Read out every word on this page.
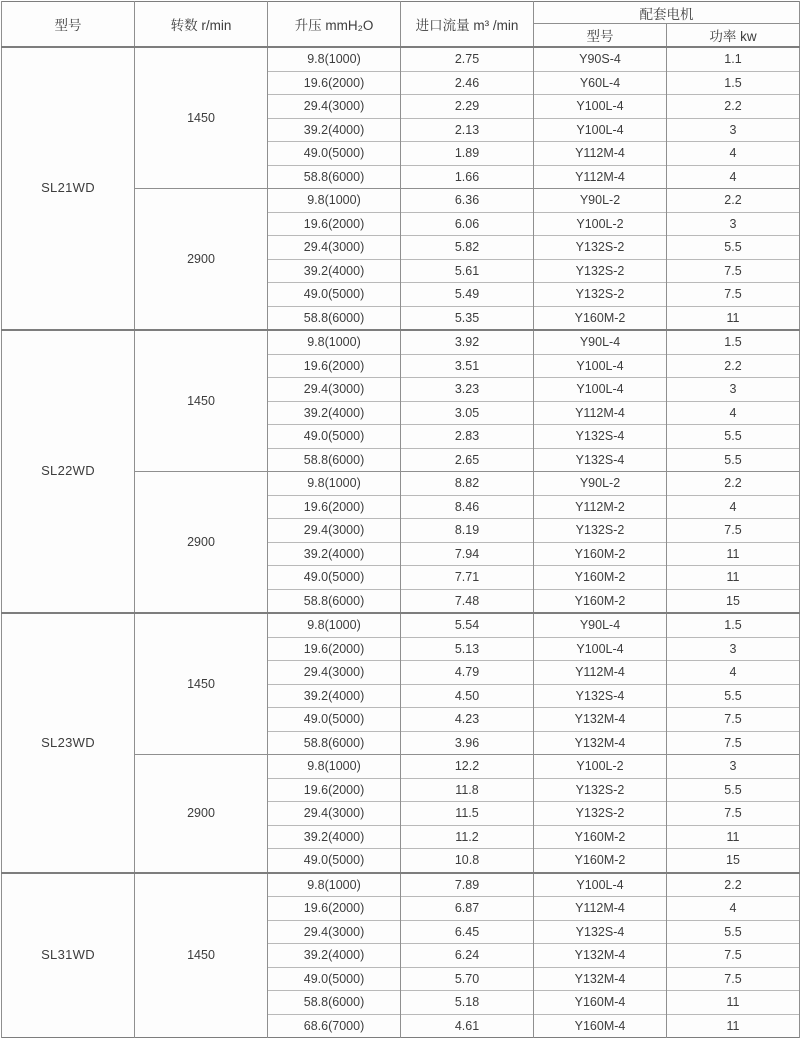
型号	转数 r/min	升压 mmH₂O	进口流量 m³ /min	配套电机	
				型号	功率 kw
SL21WD	1450	9.8(1000)	2.75	Y90S-4	1.1
		19.6(2000)	2.46	Y60L-4	1.5
		29.4(3000)	2.29	Y100L-4	2.2
		39.2(4000)	2.13	Y100L-4	3
		49.0(5000)	1.89	Y112M-4	4
		58.8(6000)	1.66	Y112M-4	4
	2900	9.8(1000)	6.36	Y90L-2	2.2
		19.6(2000)	6.06	Y100L-2	3
		29.4(3000)	5.82	Y132S-2	5.5
		39.2(4000)	5.61	Y132S-2	7.5
		49.0(5000)	5.49	Y132S-2	7.5
		58.8(6000)	5.35	Y160M-2	11
SL22WD	1450	9.8(1000)	3.92	Y90L-4	1.5
		19.6(2000)	3.51	Y100L-4	2.2
		29.4(3000)	3.23	Y100L-4	3
		39.2(4000)	3.05	Y112M-4	4
		49.0(5000)	2.83	Y132S-4	5.5
		58.8(6000)	2.65	Y132S-4	5.5
	2900	9.8(1000)	8.82	Y90L-2	2.2
		19.6(2000)	8.46	Y112M-2	4
		29.4(3000)	8.19	Y132S-2	7.5
		39.2(4000)	7.94	Y160M-2	11
		49.0(5000)	7.71	Y160M-2	11
		58.8(6000)	7.48	Y160M-2	15
SL23WD	1450	9.8(1000)	5.54	Y90L-4	1.5
		19.6(2000)	5.13	Y100L-4	3
		29.4(3000)	4.79	Y112M-4	4
		39.2(4000)	4.50	Y132S-4	5.5
		49.0(5000)	4.23	Y132M-4	7.5
		58.8(6000)	3.96	Y132M-4	7.5
	2900	9.8(1000)	12.2	Y100L-2	3
		19.6(2000)	11.8	Y132S-2	5.5
		29.4(3000)	11.5	Y132S-2	7.5
		39.2(4000)	11.2	Y160M-2	11
		49.0(5000)	10.8	Y160M-2	15
SL31WD	1450	9.8(1000)	7.89	Y100L-4	2.2
		19.6(2000)	6.87	Y112M-4	4
		29.4(3000)	6.45	Y132S-4	5.5
		39.2(4000)	6.24	Y132M-4	7.5
		49.0(5000)	5.70	Y132M-4	7.5
		58.8(6000)	5.18	Y160M-4	11
		68.6(7000)	4.61	Y160M-4	11
